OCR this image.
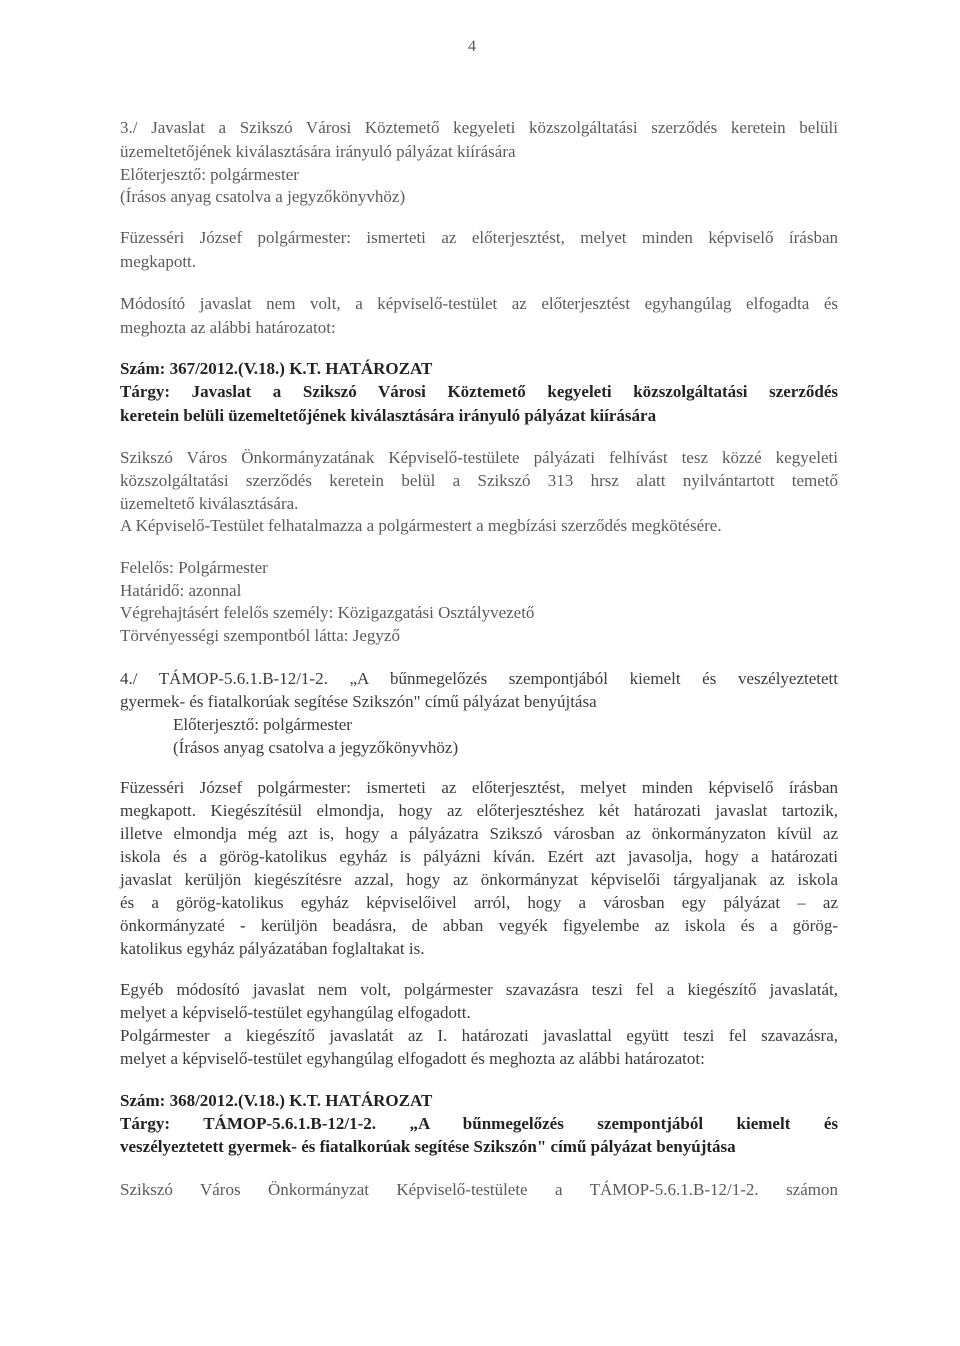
4
3./ Javaslat a Szikszó Városi Köztemető kegyeleti közszolgáltatási szerződés keretein belüli
üzemeltetőjének kiválasztására irányuló pályázat kiírására
Előterjesztő: polgármester
(Írásos anyag csatolva a jegyzőkönyvhöz)
Füzesséri József polgármester: ismerteti az előterjesztést, melyet minden képviselő írásban
megkapott.
Módosító javaslat nem volt, a képviselő-testület az előterjesztést egyhangúlag elfogadta és
meghozta az alábbi határozatot:
Szám: 367/2012.(V.18.) K.T. HATÁROZAT
Tárgy: Javaslat a Szikszó Városi Köztemető kegyeleti közszolgáltatási szerződés
keretein belüli üzemeltetőjének kiválasztására irányuló pályázat kiírására
Szikszó Város Önkormányzatának Képviselő-testülete pályázati felhívást tesz közzé kegyeleti
közszolgáltatási szerződés keretein belül a Szikszó 313 hrsz alatt nyilvántartott temető
üzemeltető kiválasztására.
A Képviselő-Testület felhatalmazza a polgármestert a megbízási szerződés megkötésére.
Felelős: Polgármester
Határidő: azonnal
Végrehajtásért felelős személy: Közigazgatási Osztályvezető
Törvényességi szempontból látta: Jegyző
4./ TÁMOP-5.6.1.B-12/1-2. „A bűnmegelőzés szempontjából kiemelt és veszélyeztetett
gyermek- és fiatalkorúak segítése Szikszón" című pályázat benyújtása
Előterjesztő: polgármester
(Írásos anyag csatolva a jegyzőkönyvhöz)
Füzesséri József polgármester: ismerteti az előterjesztést, melyet minden képviselő írásban
megkapott. Kiegészítésül elmondja, hogy az előterjesztéshez két határozati javaslat tartozik,
illetve elmondja még azt is, hogy a pályázatra Szikszó városban az önkormányzaton kívül az
iskola és a görög-katolikus egyház is pályázni kíván. Ezért azt javasolja, hogy a határozati
javaslat kerüljön kiegészítésre azzal, hogy az önkormányzat képviselői tárgyaljanak az iskola
és a görög-katolikus egyház képviselőivel arról, hogy a városban egy pályázat – az
önkormányzaté - kerüljön beadásra, de abban vegyék figyelembe az iskola és a görög-
katolikus egyház pályázatában foglaltakat is.
Egyéb módosító javaslat nem volt, polgármester szavazásra teszi fel a kiegészítő javaslatát,
melyet a képviselő-testület egyhangúlag elfogadott.
Polgármester a kiegészítő javaslatát az I. határozati javaslattal együtt teszi fel szavazásra,
melyet a képviselő-testület egyhangúlag elfogadott és meghozta az alábbi határozatot:
Szám: 368/2012.(V.18.) K.T. HATÁROZAT
Tárgy: TÁMOP-5.6.1.B-12/1-2. „A bűnmegelőzés szempontjából kiemelt és
veszélyeztetett gyermek- és fiatalkorúak segítése Szikszón" című pályázat benyújtása
Szikszó Város Önkormányzat Képviselő-testülete a TÁMOP-5.6.1.B-12/1-2. számon
